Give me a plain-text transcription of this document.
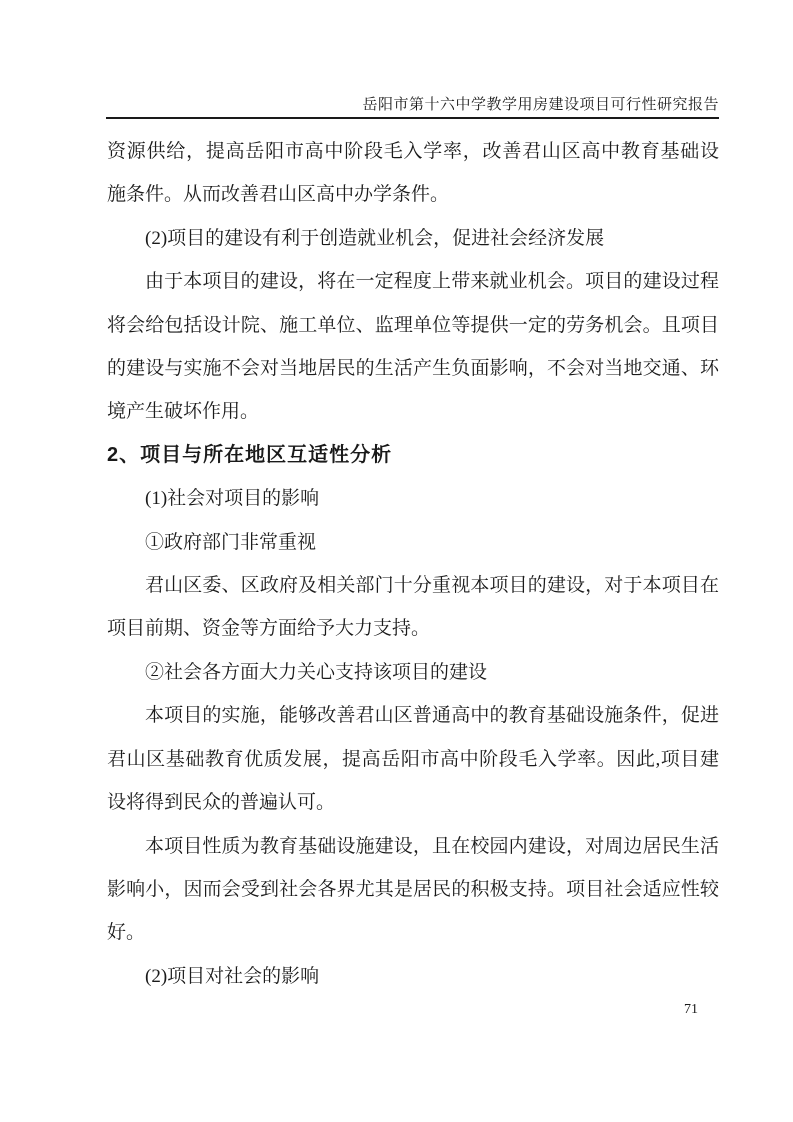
岳阳市第十六中学教学用房建设项目可行性研究报告
资源供给，提高岳阳市高中阶段毛入学率，改善君山区高中教育基础设
施条件。从而改善君山区高中办学条件。
(2)项目的建设有利于创造就业机会，促进社会经济发展
由于本项目的建设，将在一定程度上带来就业机会。项目的建设过程
将会给包括设计院、施工单位、监理单位等提供一定的劳务机会。且项目
的建设与实施不会对当地居民的生活产生负面影响，不会对当地交通、环
境产生破坏作用。
2、项目与所在地区互适性分析
(1)社会对项目的影响
①政府部门非常重视
君山区委、区政府及相关部门十分重视本项目的建设，对于本项目在
项目前期、资金等方面给予大力支持。
②社会各方面大力关心支持该项目的建设
本项目的实施，能够改善君山区普通高中的教育基础设施条件，促进
君山区基础教育优质发展，提高岳阳市高中阶段毛入学率。因此,项目建
设将得到民众的普遍认可。
本项目性质为教育基础设施建设，且在校园内建设，对周边居民生活
影响小，因而会受到社会各界尤其是居民的积极支持。项目社会适应性较
好。
(2)项目对社会的影响
71
